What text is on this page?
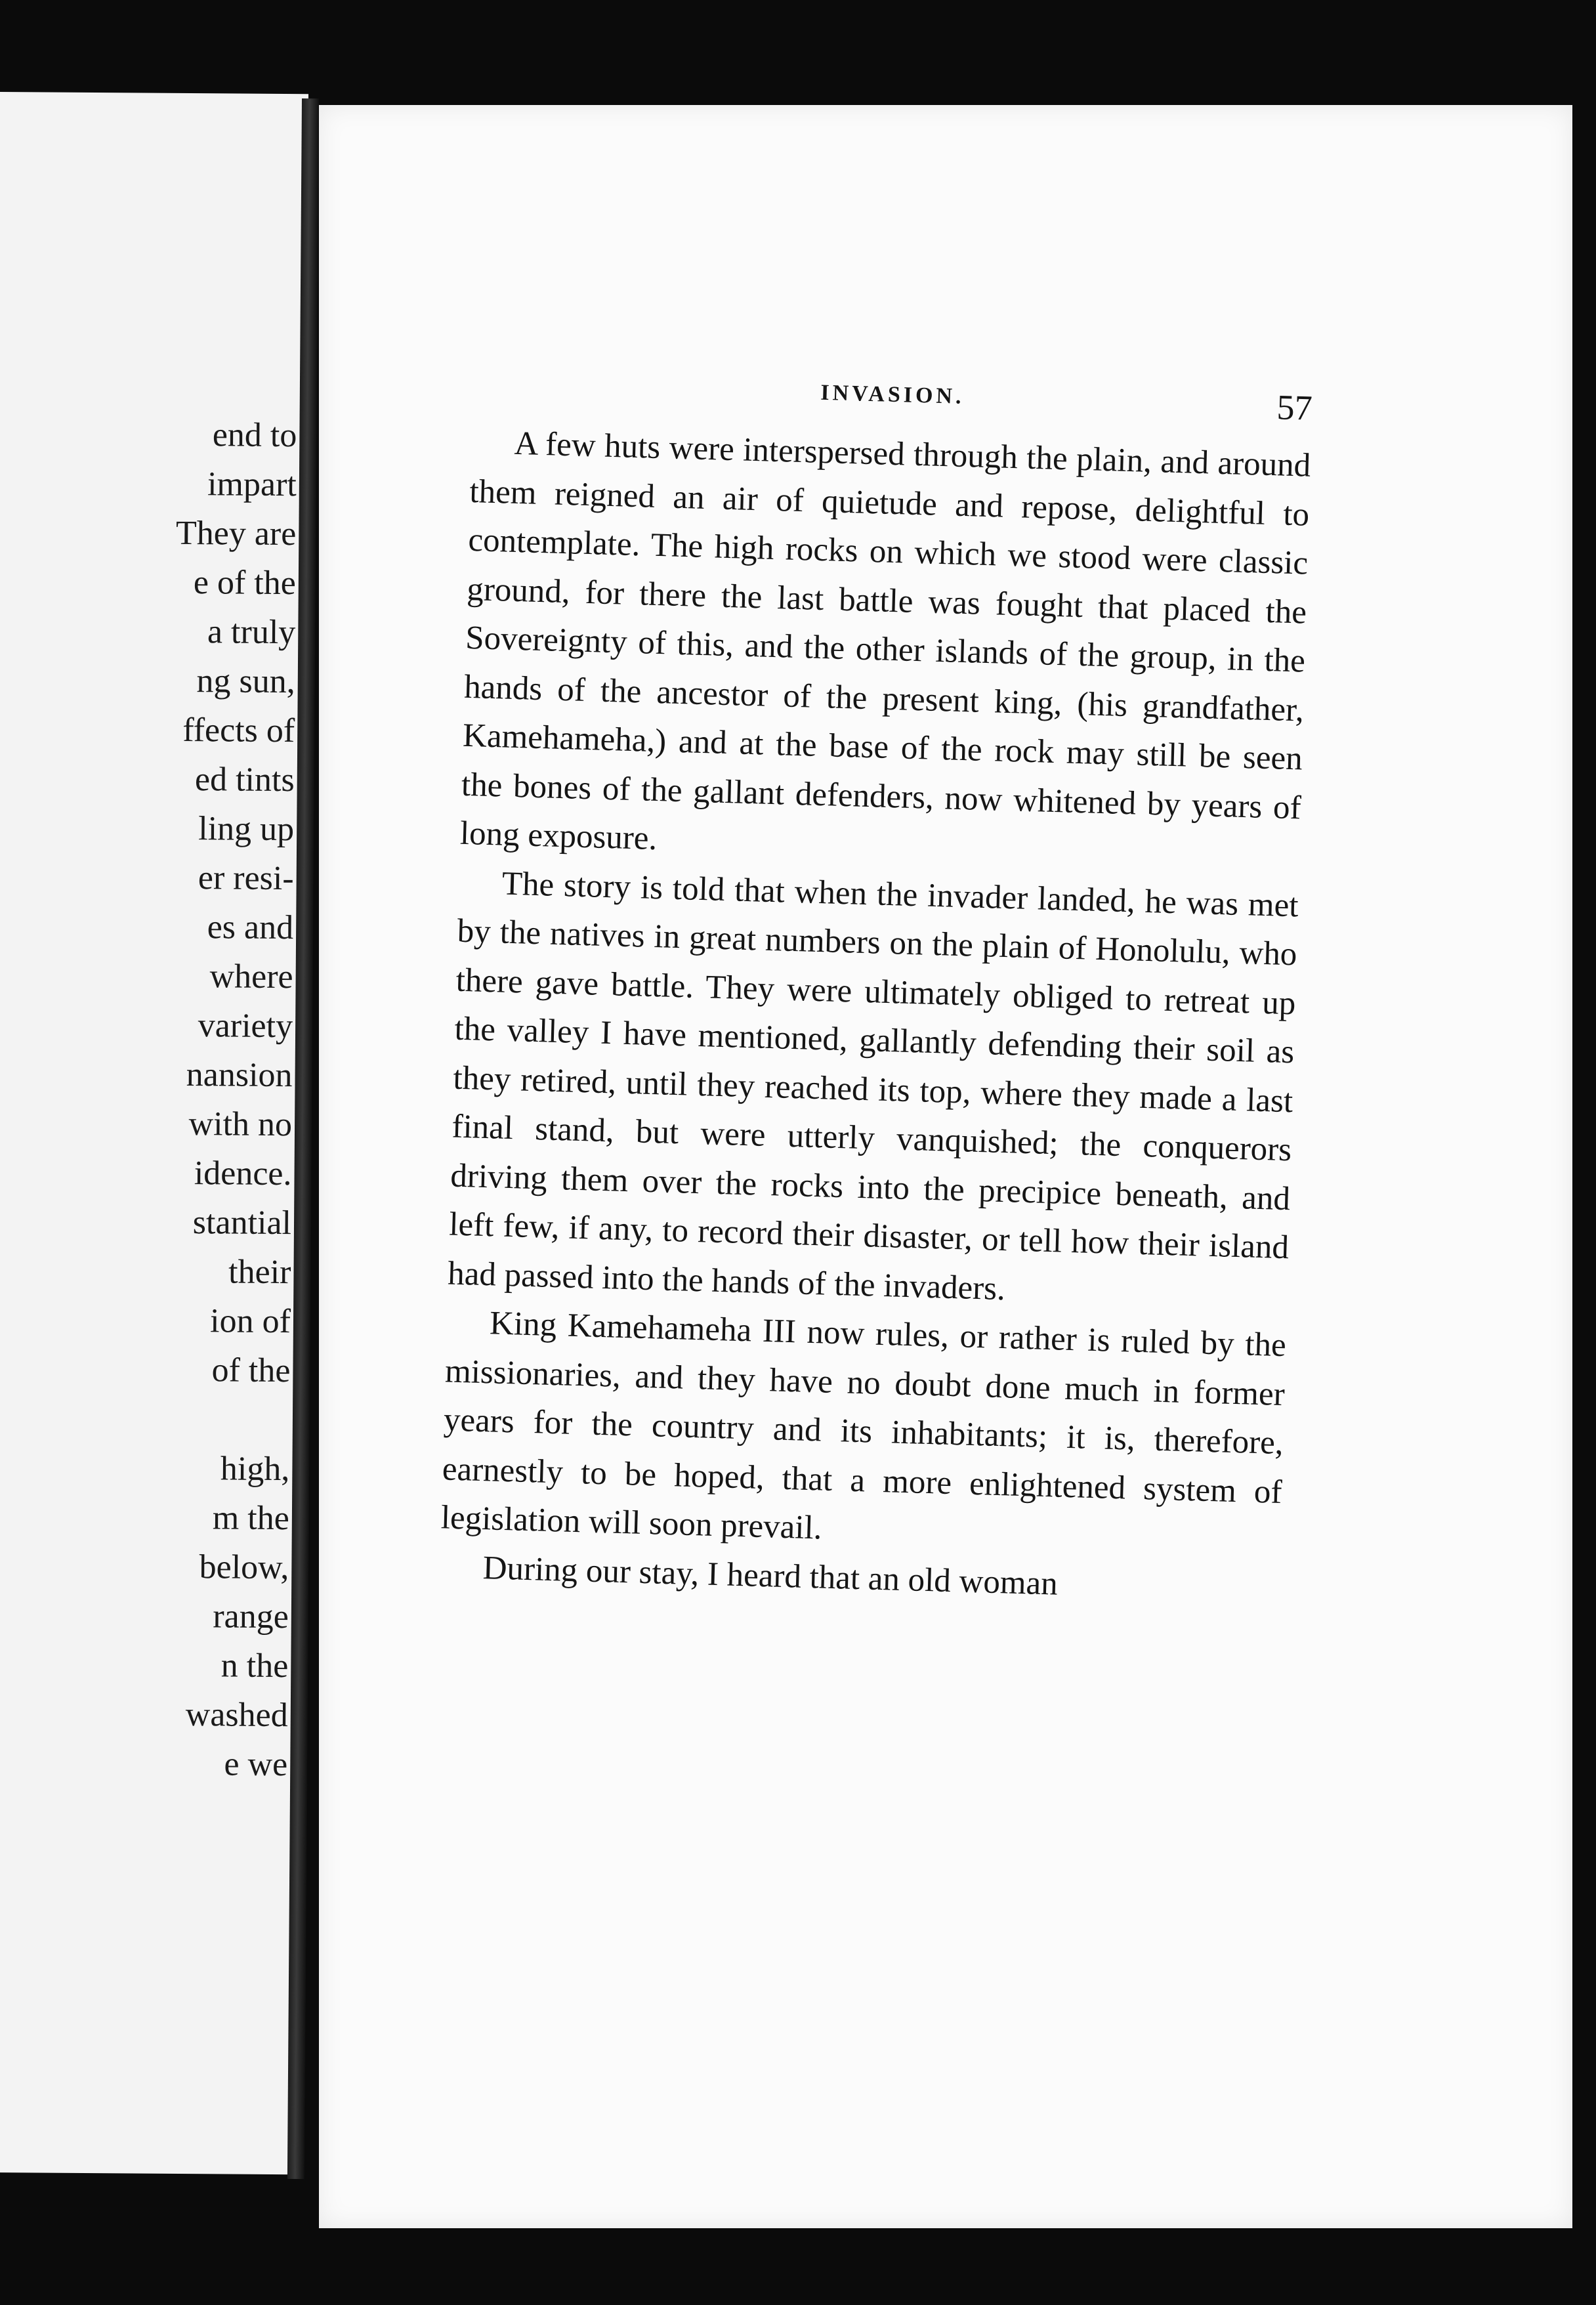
end to
impart
They are
e of the
a truly
ng sun,
ffects of
ed tints
ling up
er resi-
es and
where
variety
nansion
with no
idence.
stantial
their
ion of
of the
high,
m the
below,
range
n the
washed
e we
INVASION.	57

A few huts were interspersed through the plain, and around them reigned an air of quietude and repose, delightful to contemplate. The high rocks on which we stood were classic ground, for there the last battle was fought that placed the Sovereignty of this, and the other islands of the group, in the hands of the ancestor of the present king, (his grandfather, Kamehameha,) and at the base of the rock may still be seen the bones of the gallant defenders, now whitened by years of long exposure.

The story is told that when the invader landed, he was met by the natives in great numbers on the plain of Honolulu, who there gave battle. They were ultimately obliged to retreat up the valley I have mentioned, gallantly defending their soil as they retired, until they reached its top, where they made a last final stand, but were utterly vanquished; the conquerors driving them over the rocks into the precipice beneath, and left few, if any, to record their disaster, or tell how their island had passed into the hands of the invaders.

King Kamehameha III now rules, or rather is ruled by the missionaries, and they have no doubt done much in former years for the country and its inhabitants; it is, therefore, earnestly to be hoped, that a more enlightened system of legislation will soon prevail.

During our stay, I heard that an old woman
